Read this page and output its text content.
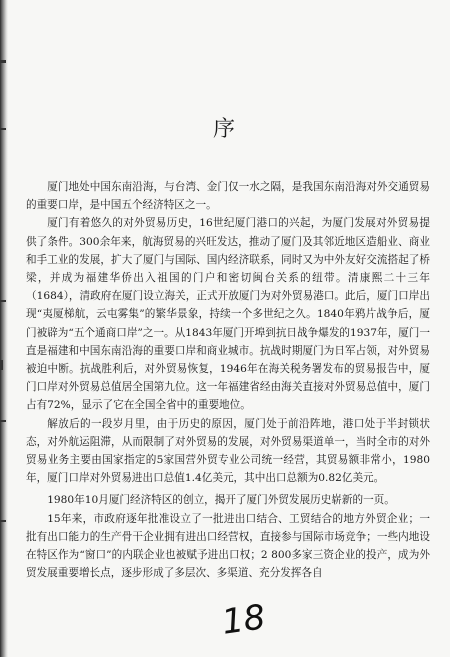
序

厦门地处中国东南沿海，与台湾、金门仅一水之隔，是我国东南沿海对外交通贸易的重要口岸，是中国五个经济特区之一。

厦门有着悠久的对外贸易历史，16世纪厦门港口的兴起，为厦门发展对外贸易提供了条件。300余年来，航海贸易的兴旺发达，推动了厦门及其邻近地区造船业、商业和手工业的发展，扩大了厦门与国际、国内经济联系，同时又为中外友好交流搭起了桥梁，并成为福建华侨出入祖国的门户和密切闽台关系的纽带。清康熙二十三年（1684），清政府在厦门设立海关，正式开放厦门为对外贸易港口。此后，厦门口岸出现“夷厦梯航，云屯雾集”的繁华景象，持续一个多世纪之久。1840年鸦片战争后，厦门被辟为“五个通商口岸”之一。从1843年厦门开埠到抗日战争爆发的1937年，厦门一直是福建和中国东南沿海的重要口岸和商业城市。抗战时期厦门为日军占领，对外贸易被迫中断。抗战胜利后，对外贸易恢复，1946年在海关税务署发布的贸易报告中，厦门口岸对外贸易总值居全国第九位。这一年福建省经由海关直接对外贸易总值中，厦门占有72%，显示了它在全国全省中的重要地位。

解放后的一段岁月里，由于历史的原因，厦门处于前沿阵地，港口处于半封锁状态，对外航运阻滞，从而限制了对外贸易的发展，对外贸易渠道单一，当时全市的对外贸易业务主要由国家指定的5家国营外贸专业公司统一经营，其贸易额非常小，1980年，厦门口岸对外贸易进出口总值1.4亿美元，其中出口总额为0.82亿美元。

1980年10月厦门经济特区的创立，揭开了厦门外贸发展历史崭新的一页。

15年来，市政府逐年批准设立了一批进出口结合、工贸结合的地方外贸企业；一批有出口能力的生产骨干企业拥有进出口经营权，直接参与国际市场竞争；一些内地设在特区作为“窗口”的内联企业也被赋予进出口权；2 800多家三资企业的投产，成为外贸发展重要增长点，逐步形成了多层次、多渠道、充分发挥各自

18
